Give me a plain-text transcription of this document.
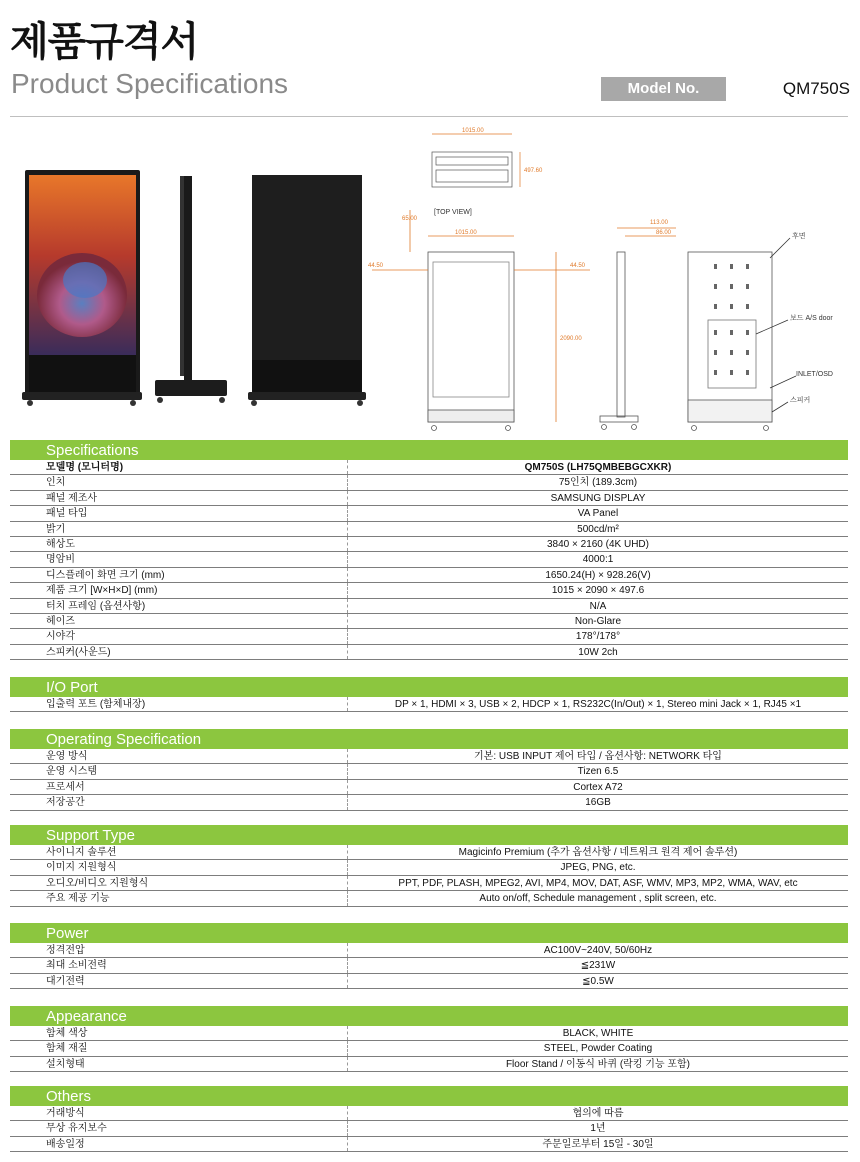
제품규격서
Product Specifications	Model No.	QM750S
1015.00
497.60
[TOP VIEW]
1015.00
65.00
44.50	44.50
2090.00
113.00
86.00	후면
보드 A/S door
INLET/OSD
스피커
Specifications
모델명 (모니터명)	QM750S (LH75QMBEBGCXKR)
인치	75인치 (189.3cm)
패널 제조사	SAMSUNG DISPLAY
패널 타입	VA Panel
밝기	500cd/m²
해상도	3840 × 2160 (4K UHD)
명암비	4000:1
디스플레이 화면 크기 (mm)	1650.24(H) × 928.26(V)
제품 크기 [W×H×D] (mm)	1015 × 2090 × 497.6
터치 프레임 (옵션사항)	N/A
헤이즈	Non-Glare
시야각	178°/178°
스피커(사운드)	10W 2ch
I/O Port
입출력 포트 (함체내장)	DP × 1, HDMI × 3, USB × 2, HDCP × 1, RS232C(In/Out) × 1, Stereo mini Jack × 1, RJ45 ×1
Operating Specification
운영 방식	기본: USB INPUT 제어 타입 / 옵션사항: NETWORK 타입
운영 시스템	Tizen 6.5
프로세서	Cortex A72
저장공간	16GB
Support Type
사이니지 솔루션	Magicinfo Premium (추가 옵션사항 / 네트워크 원격 제어 솔루션)
이미지 지원형식	JPEG, PNG, etc.
오디오/비디오 지원형식	PPT, PDF, PLASH, MPEG2, AVI, MP4, MOV, DAT, ASF, WMV, MP3, MP2, WMA, WAV, etc
주요 제공 기능	Auto on/off, Schedule management , split screen, etc.
Power
정격전압	AC100V~240V, 50/60Hz
최대 소비전력	≦231W
대기전력	≦0.5W
Appearance
함체 색상	BLACK, WHITE
함체 재질	STEEL, Powder Coating
설치형태	Floor Stand / 이동식 바퀴 (락킹 기능 포함)
Others
거래방식	협의에 따름
무상 유지보수	1년
배송일정	주문일로부터 15일 - 30일
